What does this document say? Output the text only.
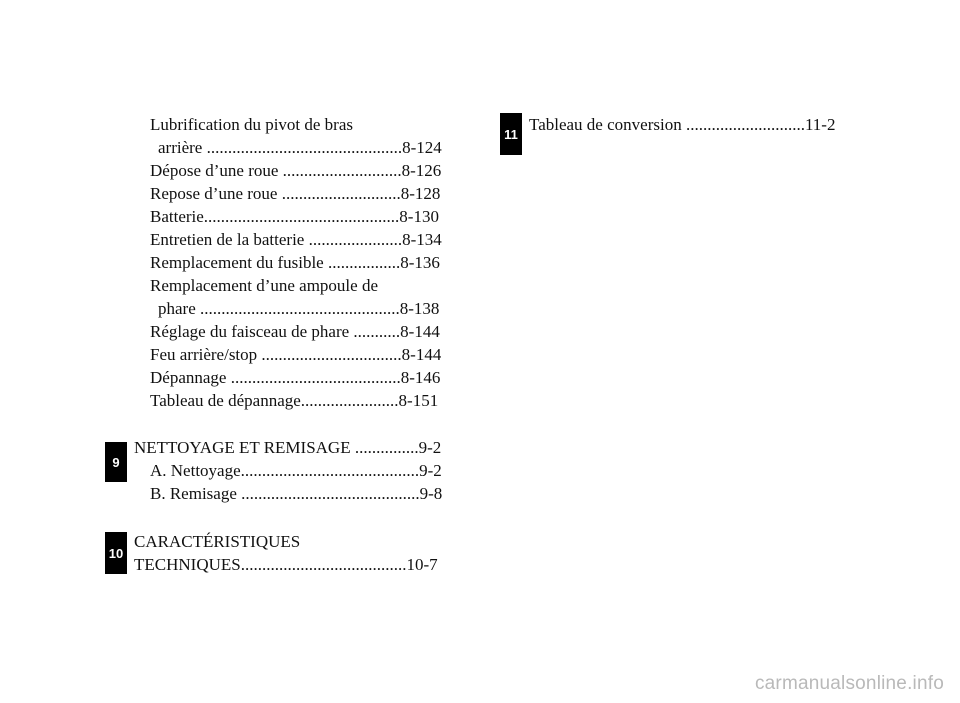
Lubrification du pivot de bras
arrière ..............................................8-124
Dépose d’une roue ............................8-126
Repose d’une roue ............................8-128
Batterie..............................................8-130
Entretien de la batterie ......................8-134
Remplacement du fusible .................8-136
Remplacement d’une ampoule de
phare ...............................................8-138
Réglage du faisceau de phare ...........8-144
Feu arrière/stop .................................8-144
Dépannage ........................................8-146
Tableau de dépannage.......................8-151
9
NETTOYAGE ET REMISAGE ...............9-2
A. Nettoyage..........................................9-2
B. Remisage ..........................................9-8
10
CARACTÉRISTIQUES
TECHNIQUES.......................................10-7
11 Tableau de conversion ............................11-2
carmanualsonline.info
